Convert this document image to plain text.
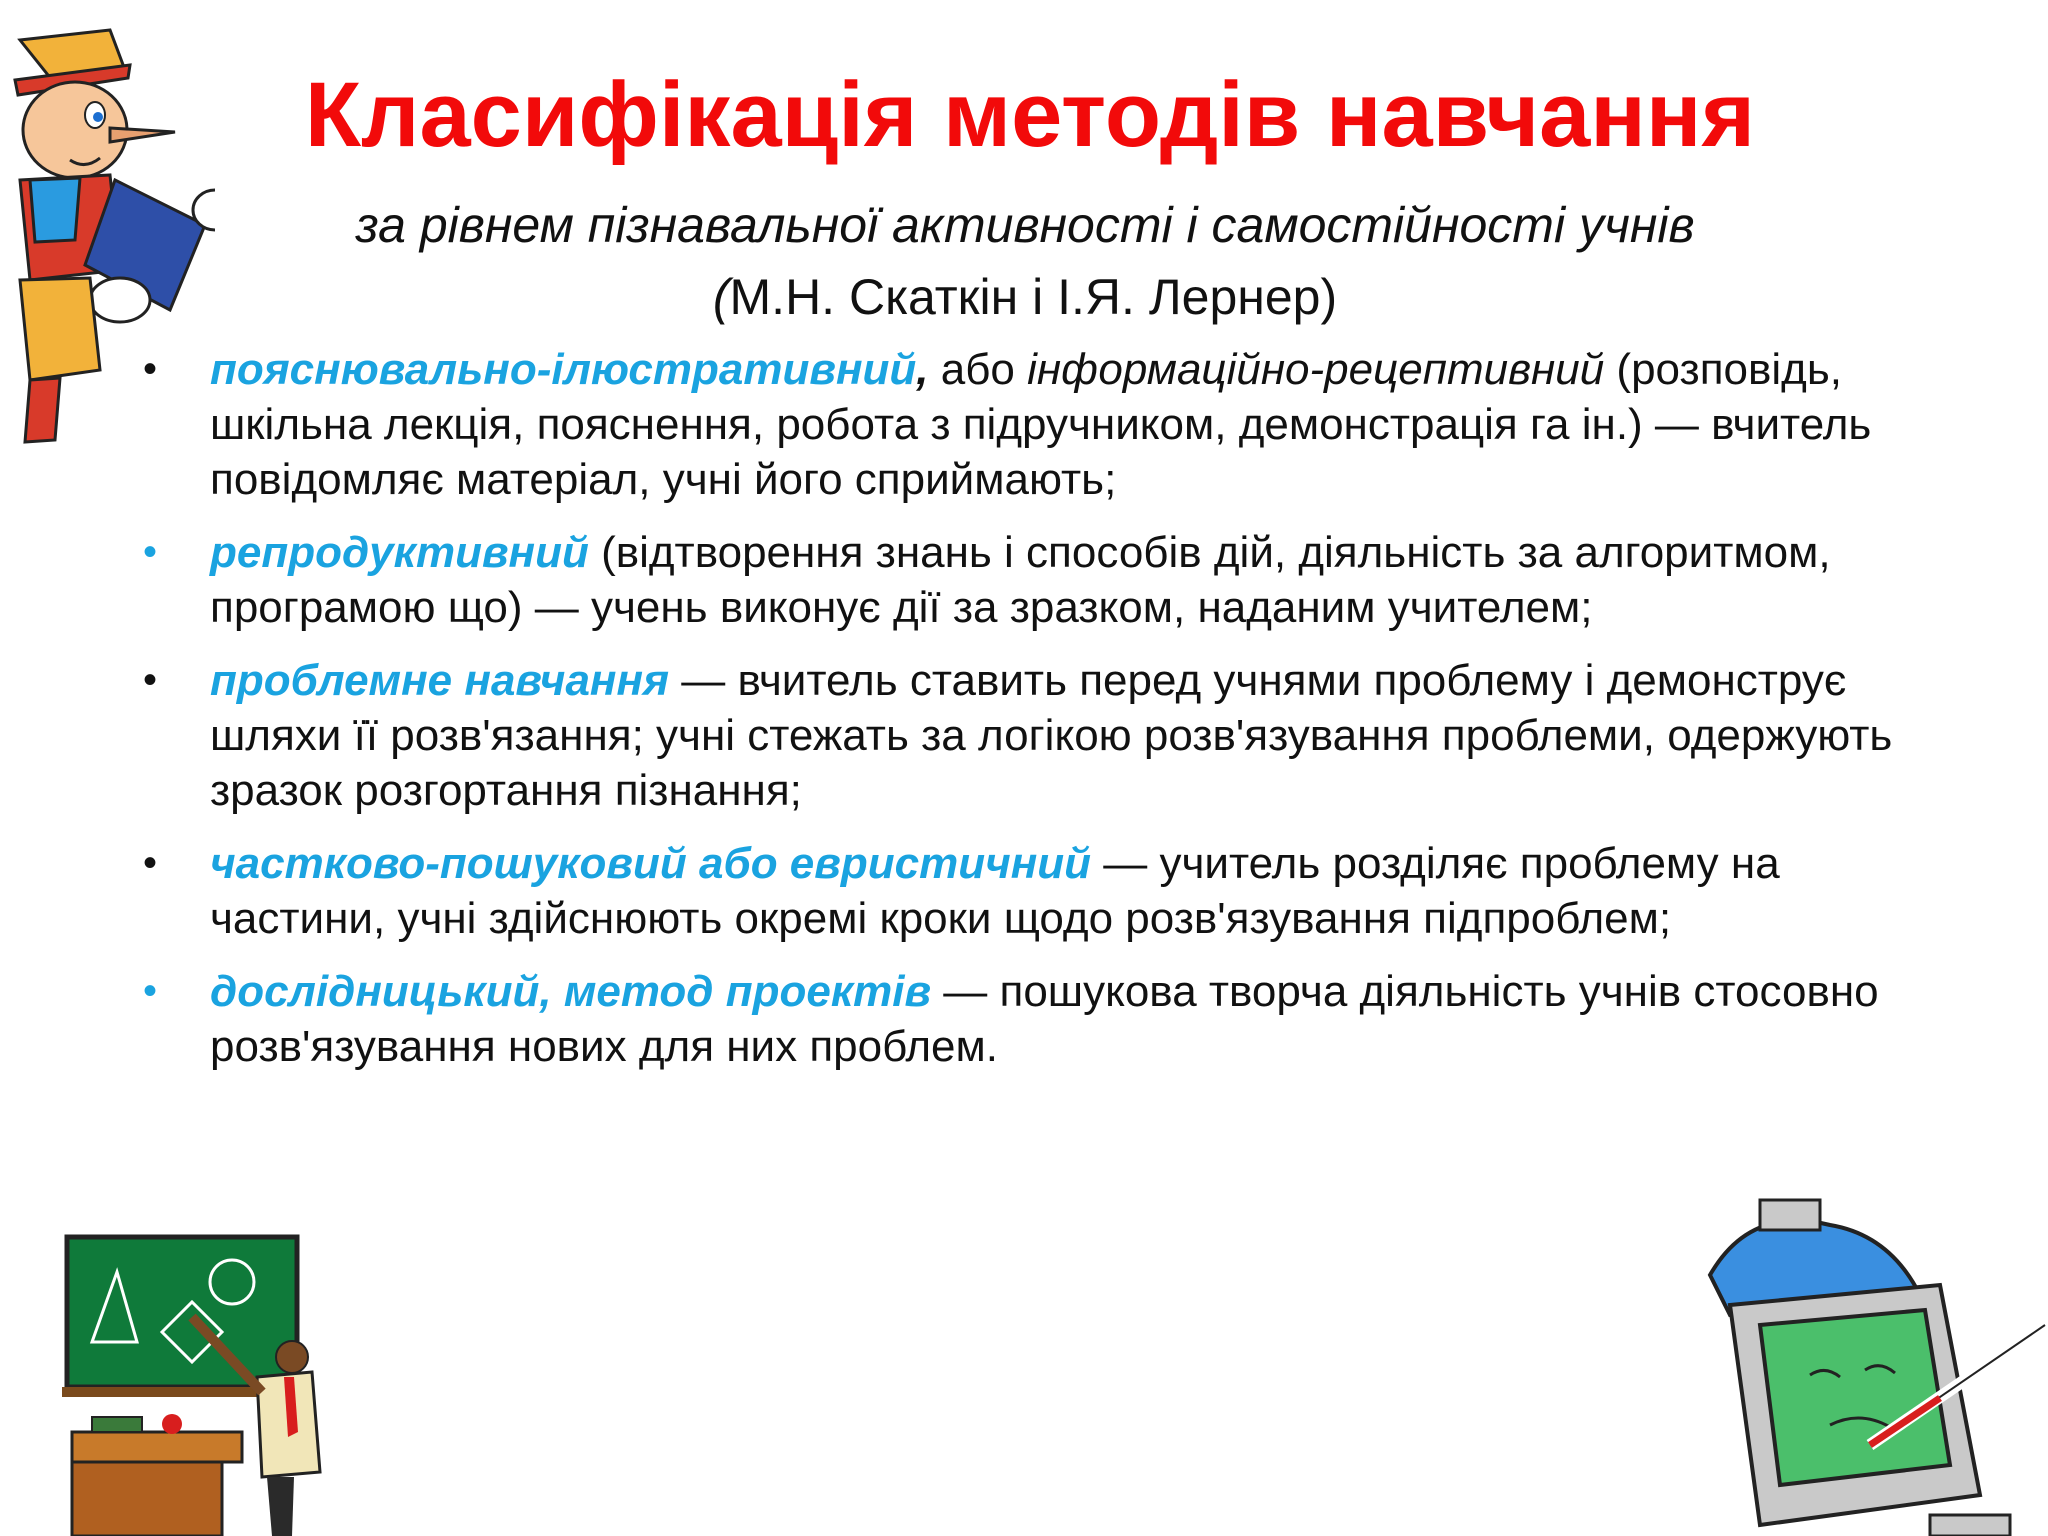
Класифікація методів навчання
за рівнем пізнавальної активності і самостійності учнів
(М.Н. Скаткін і І.Я. Лернер)
• пояснювально-ілюстративний, або інформаційно-рецептивний (розповідь, шкільна лекція, пояснення, робота з підручником, демонстрація га ін.) — вчитель повідомляє матеріал, учні його сприймають;
• репродуктивний (відтворення знань і способів дій, діяльність за алгоритмом, програмою що) — учень виконує дії за зразком, наданим учителем;
• проблемне навчання — вчитель ставить перед учнями проблему і демонструє шляхи її розв'язання; учні стежать за логікою розв'язування проблеми, одержують зразок розгортання пізнання;
• частково-пошуковий або евристичний — учитель розділяє проблему на частини, учні здійснюють окремі кроки щодо розв'язування підпроблем;
• дослідницький, метод проектів — пошукова творча діяльність учнів стосовно розв'язування нових для них проблем.
